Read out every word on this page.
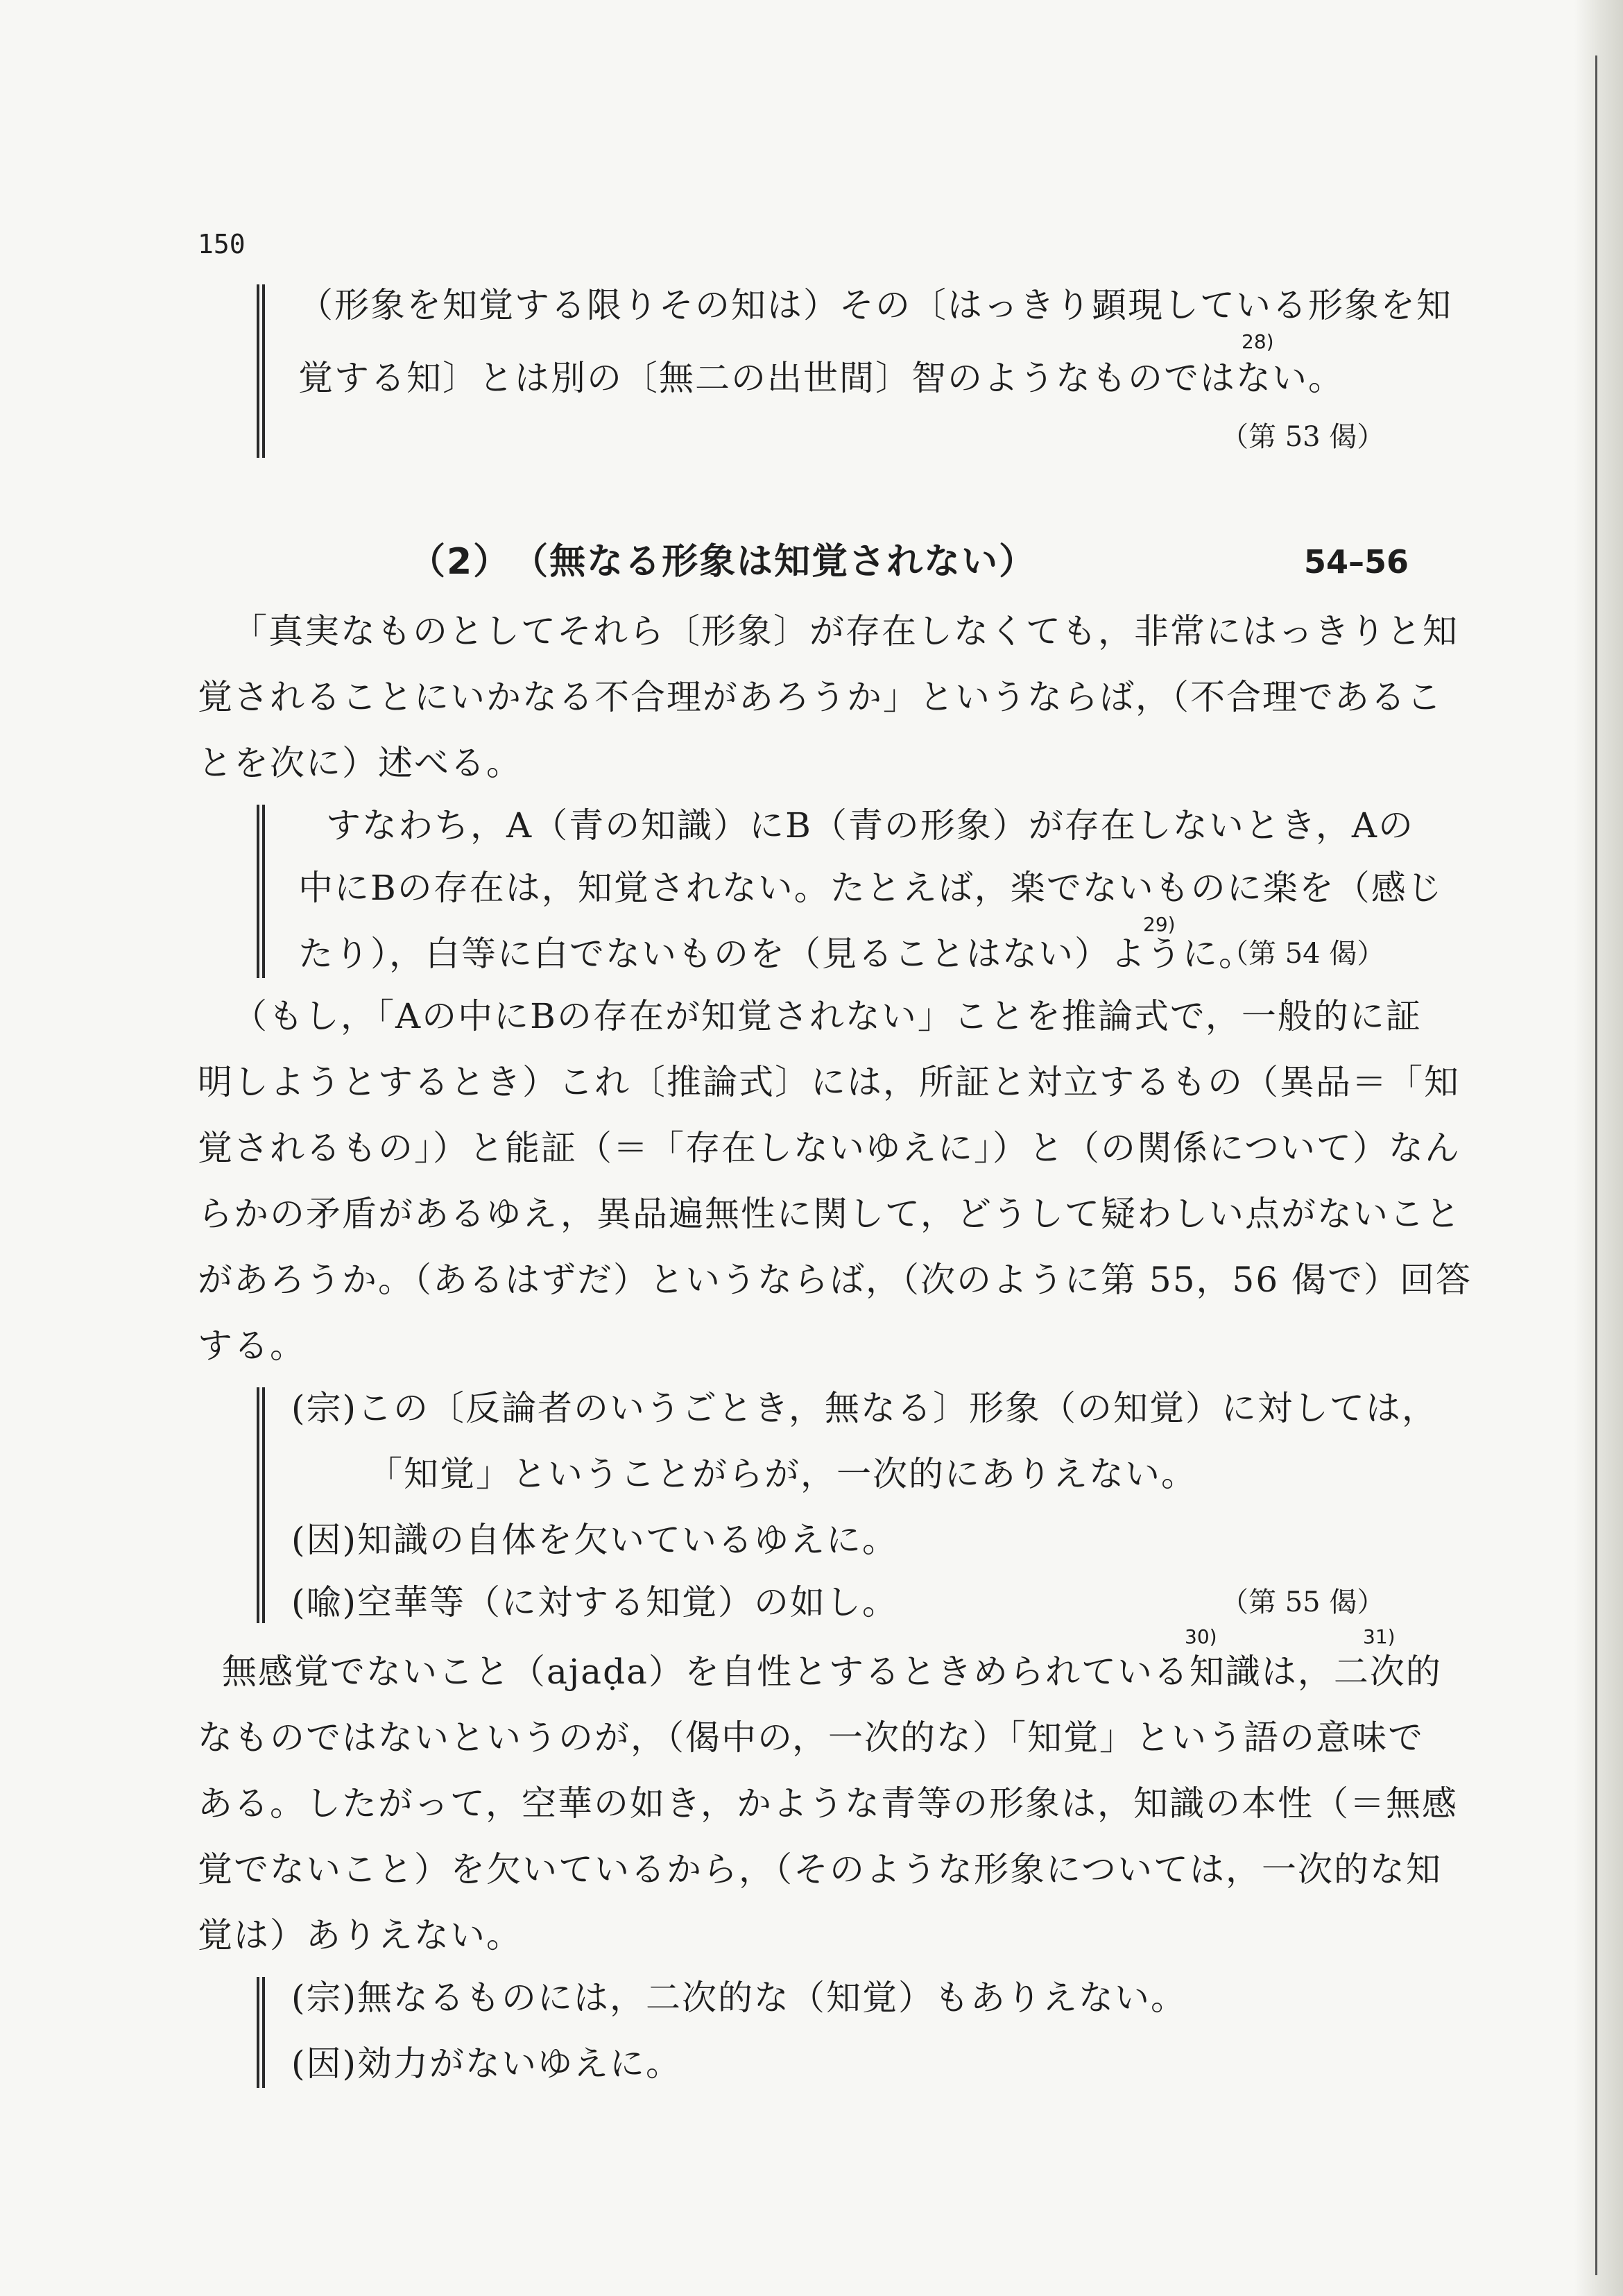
150
（形象を知覚する限りその知は）その〔はっきり顕現している形象を知
28)
覚する知〕とは別の〔無二の出世間〕智のようなものではない。
（第 53 偈）
（2）　（無なる形象は知覚されない）	54–56
「真実なものとしてそれら〔形象〕が存在しなくても，非常にはっきりと知
覚されることにいかなる不合理があろうか」というならば，（不合理であるこ
とを次に）述べる。
すなわち，A（青の知識）にB（青の形象）が存在しないとき，Aの
中にBの存在は，知覚されない。たとえば，楽でないものに楽を（感じ
29)
たり），白等に白でないものを（見ることはない）ように。
（第 54 偈）
（もし，「Aの中にBの存在が知覚されない」ことを推論式で，一般的に証
明しようとするとき）これ〔推論式〕には，所証と対立するもの（異品＝「知
覚されるもの」）と能証（＝「存在しないゆえに」）と（の関係について）なん
らかの矛盾があるゆえ，異品遍無性に関して，どうして疑わしい点がないこと
があろうか。（あるはずだ）というならば，（次のように第 55，56 偈で）回答
する。
(宗)この〔反論者のいうごとき，無なる〕形象（の知覚）に対しては，
「知覚」ということがらが，一次的にありえない。
(因)知識の自体を欠いているゆえに。
(喩)空華等（に対する知覚）の如し。	（第 55 偈）
30)	31)
無感覚でないこと（ajaḍa）を自性とするときめられている知識は，二次的
なものではないというのが，（偈中の，一次的な）「知覚」という語の意味で
ある。したがって，空華の如き，かような青等の形象は，知識の本性（＝無感
覚でないこと）を欠いているから，（そのような形象については，一次的な知
覚は）ありえない。
(宗)無なるものには，二次的な（知覚）もありえない。
(因)効力がないゆえに。
